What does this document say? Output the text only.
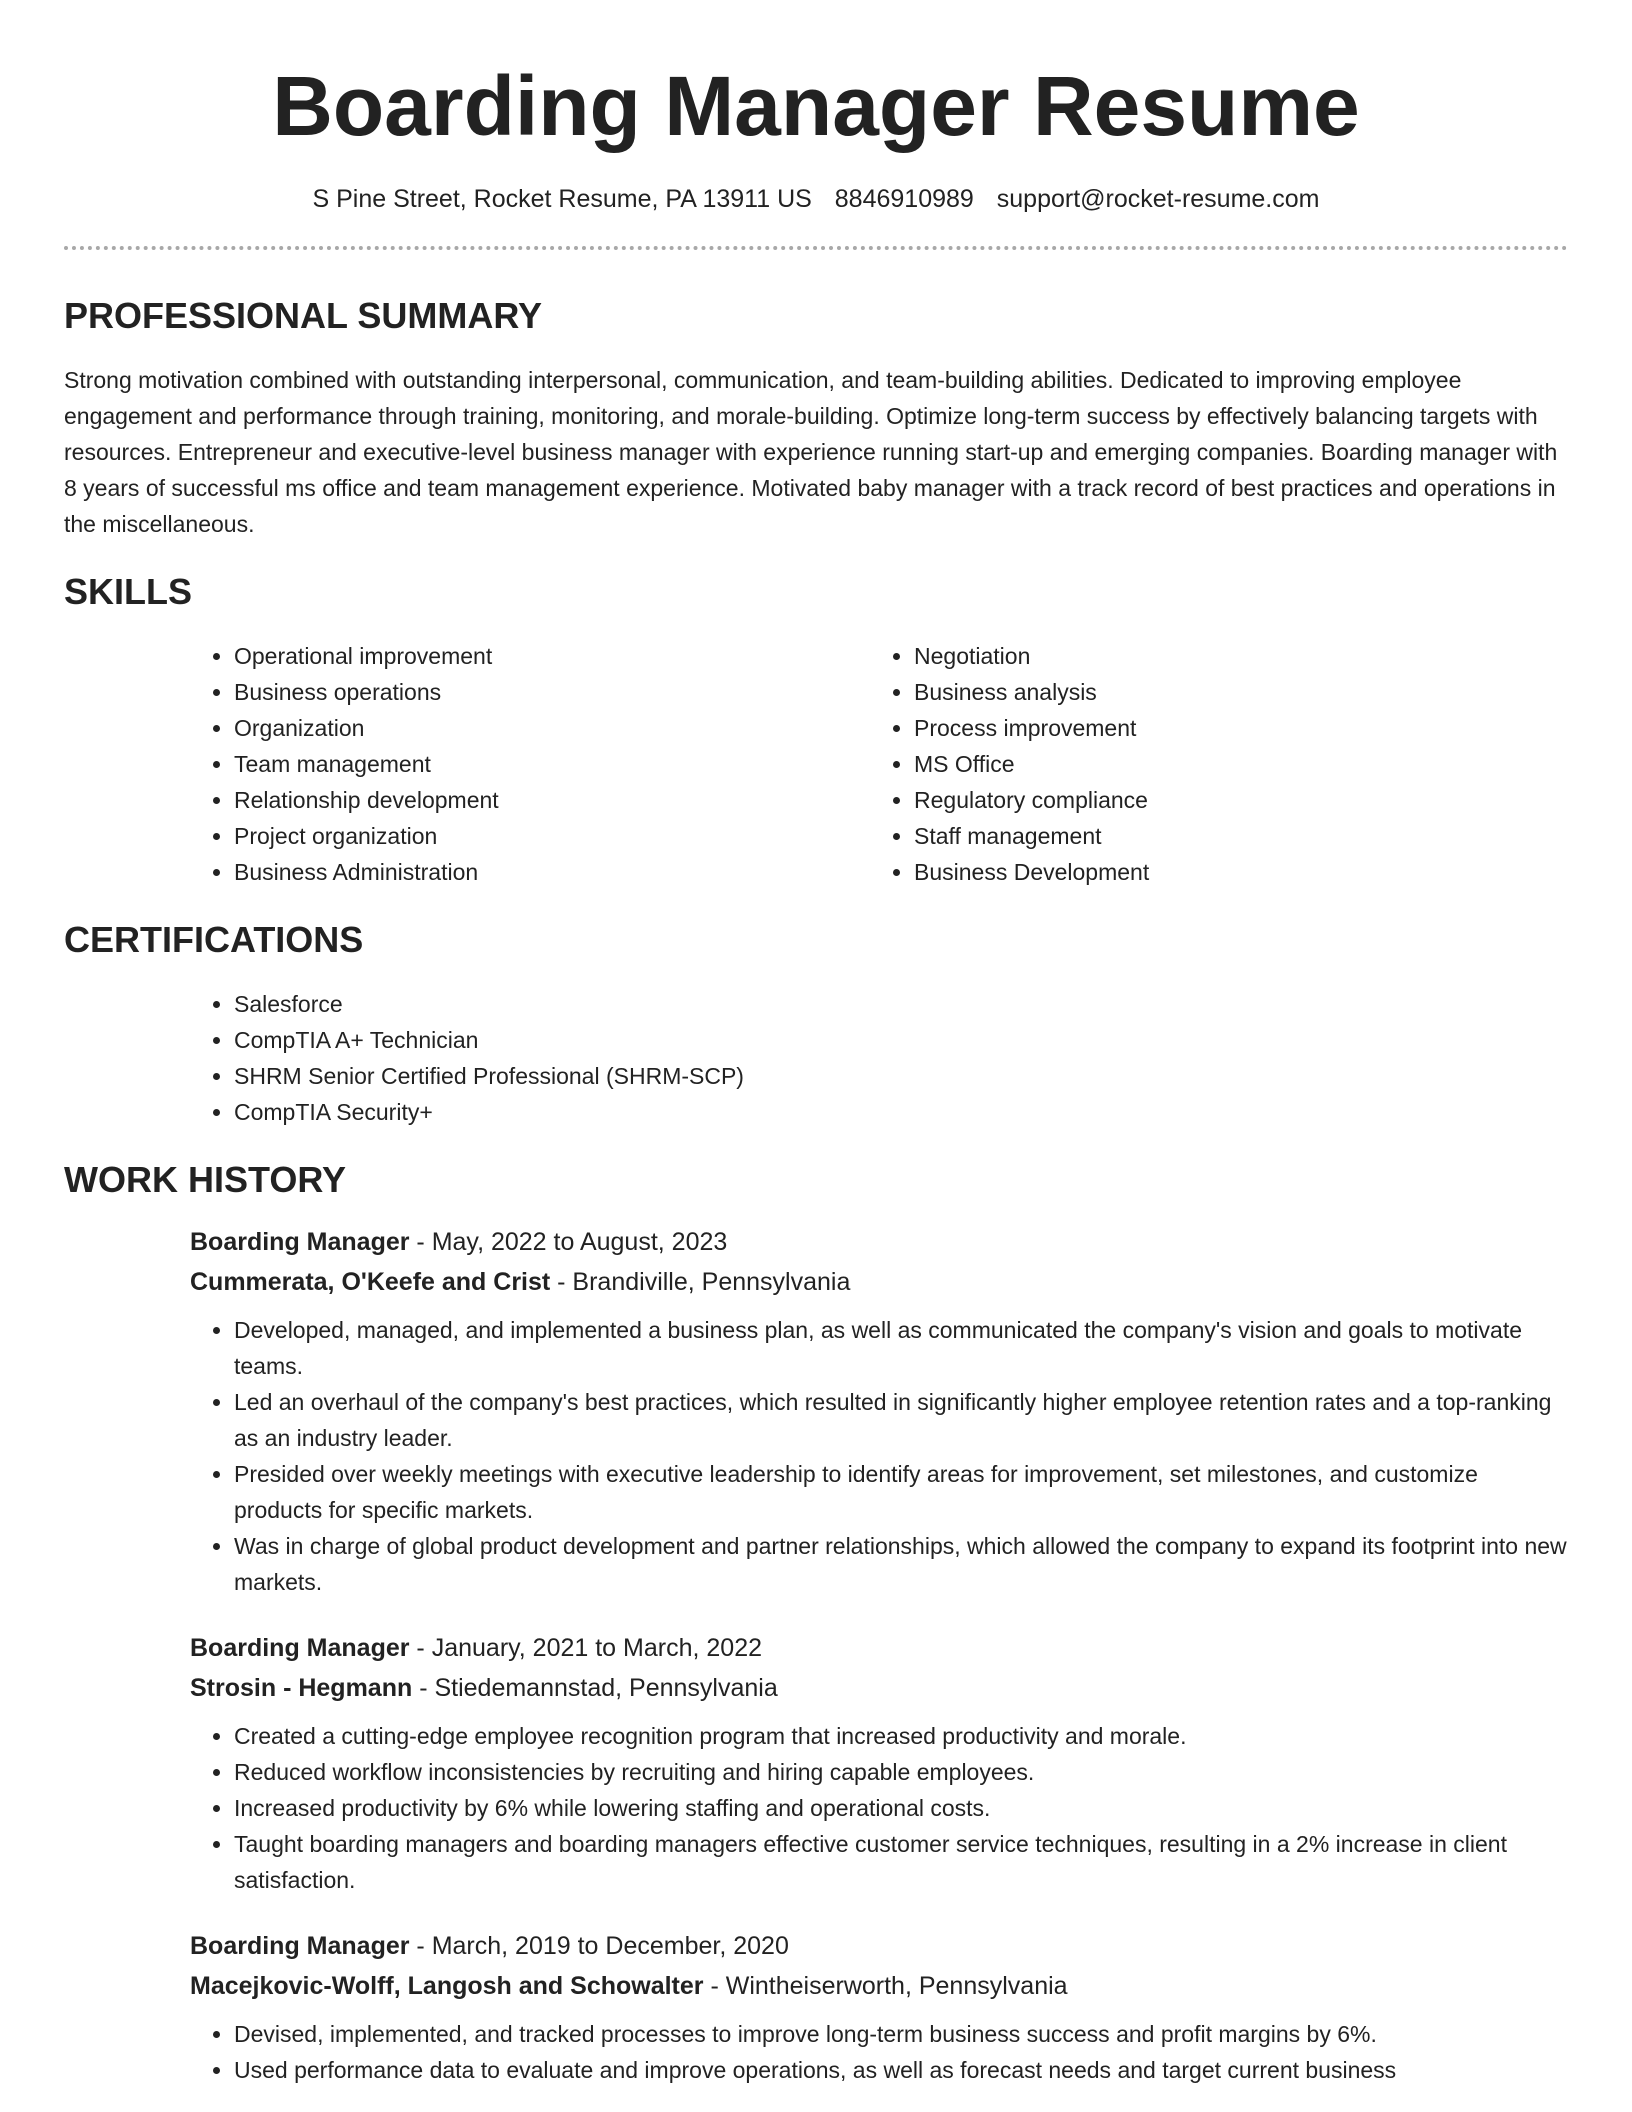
Boarding Manager Resume
S Pine Street, Rocket Resume, PA 13911 US 8846910989 support@rocket-resume.com
PROFESSIONAL SUMMARY

Strong motivation combined with outstanding interpersonal, communication, and team-building abilities. Dedicated to improving employee engagement and performance through training, monitoring, and morale-building. Optimize long-term success by effectively balancing targets with resources. Entrepreneur and executive-level business manager with experience running start-up and emerging companies. Boarding manager with 8 years of successful ms office and team management experience. Motivated baby manager with a track record of best practices and operations in the miscellaneous.

SKILLS
• Operational improvement
• Business operations
• Organization
• Team management
• Relationship development
• Project organization
• Business Administration
• Negotiation
• Business analysis
• Process improvement
• MS Office
• Regulatory compliance
• Staff management
• Business Development
CERTIFICATIONS
• Salesforce
• CompTIA A+ Technician
• SHRM Senior Certified Professional (SHRM-SCP)
• CompTIA Security+
WORK HISTORY
Boarding Manager - May, 2022 to August, 2023
Cummerata, O'Keefe and Crist - Brandiville, Pennsylvania
• Developed, managed, and implemented a business plan, as well as communicated the company's vision and goals to motivate teams.
• Led an overhaul of the company's best practices, which resulted in significantly higher employee retention rates and a top-ranking as an industry leader.
• Presided over weekly meetings with executive leadership to identify areas for improvement, set milestones, and customize products for specific markets.
• Was in charge of global product development and partner relationships, which allowed the company to expand its footprint into new markets.
Boarding Manager - January, 2021 to March, 2022
Strosin - Hegmann - Stiedemannstad, Pennsylvania
• Created a cutting-edge employee recognition program that increased productivity and morale.
• Reduced workflow inconsistencies by recruiting and hiring capable employees.
• Increased productivity by 6% while lowering staffing and operational costs.
• Taught boarding managers and boarding managers effective customer service techniques, resulting in a 2% increase in client satisfaction.
Boarding Manager - March, 2019 to December, 2020
Macejkovic-Wolff, Langosh and Schowalter - Wintheiserworth, Pennsylvania
• Devised, implemented, and tracked processes to improve long-term business success and profit margins by 6%.
• Used performance data to evaluate and improve operations, as well as forecast needs and target current business
